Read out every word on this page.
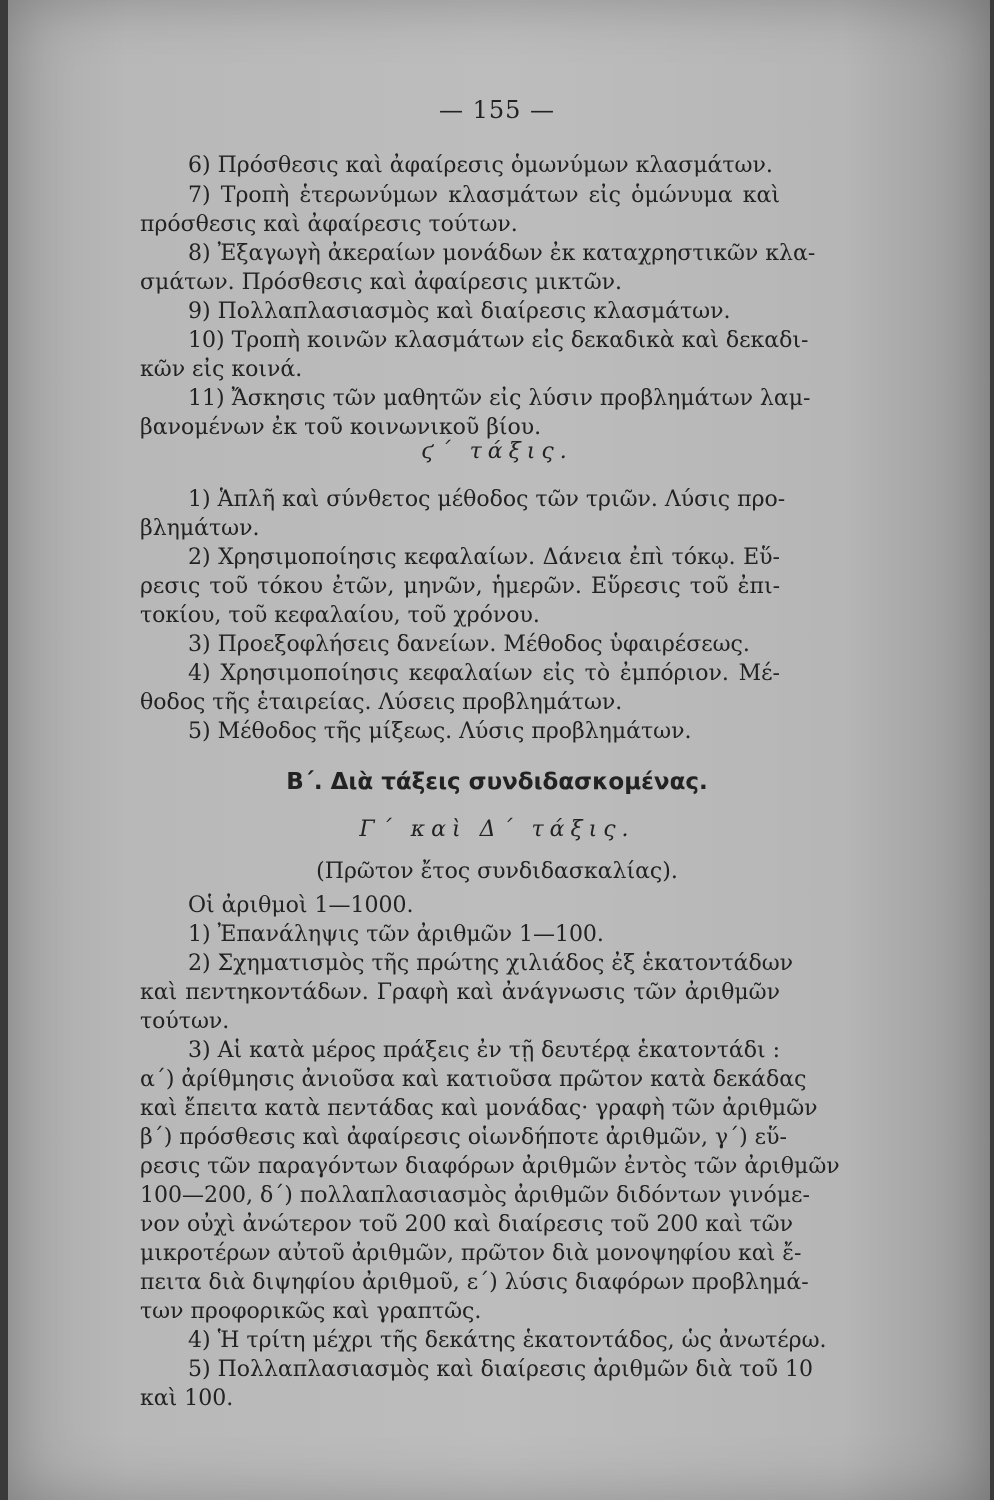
— 155 —
6) Πρόσθεσις καὶ ἀφαίρεσις ὁμωνύμων κλασμάτων.
7) Τροπὴ ἑτερωνύμων κλασμάτων εἰς ὁμώνυμα καὶ
πρόσθεσις καὶ ἀφαίρεσις τούτων.
8) Ἐξαγωγὴ ἀκεραίων μονάδων ἐκ καταχρηστικῶν κλα-
σμάτων. Πρόσθεσις καὶ ἀφαίρεσις μικτῶν.
9) Πολλαπλασιασμὸς καὶ διαίρεσις κλασμάτων.
10) Τροπὴ κοινῶν κλασμάτων εἰς δεκαδικὰ καὶ δεκαδι-
κῶν εἰς κοινά.
11) Ἄσκησις τῶν μαθητῶν εἰς λύσιν προβλημάτων λαμ-
βανομένων ἐκ τοῦ κοινωνικοῦ βίου.
ϛ΄ τάξις.
1) Ἁπλῆ καὶ σύνθετος μέθοδος τῶν τριῶν. Λύσις προ-
βλημάτων.
2) Χρησιμοποίησις κεφαλαίων. Δάνεια ἐπὶ τόκῳ. Εὕ-
ρεσις τοῦ τόκου ἐτῶν, μηνῶν, ἡμερῶν. Εὕρεσις τοῦ ἐπι-
τοκίου, τοῦ κεφαλαίου, τοῦ χρόνου.
3) Προεξοφλήσεις δανείων. Μέθοδος ὑφαιρέσεως.
4) Χρησιμοποίησις κεφαλαίων εἰς τὸ ἐμπόριον. Μέ-
θοδος τῆς ἑταιρείας. Λύσεις προβλημάτων.
5) Μέθοδος τῆς μίξεως. Λύσις προβλημάτων.
Β΄. Διὰ τάξεις συνδιδασκομένας.
Γ΄ καὶ Δ΄ τάξις.
(Πρῶτον ἔτος συνδιδασκαλίας).
Οἱ ἀριθμοὶ 1—1000.
1) Ἐπανάληψις τῶν ἀριθμῶν 1—100.
2) Σχηματισμὸς τῆς πρώτης χιλιάδος ἐξ ἑκατοντάδων
καὶ πεντηκοντάδων. Γραφὴ καὶ ἀνάγνωσις τῶν ἀριθμῶν
τούτων.
3) Αἱ κατὰ μέρος πράξεις ἐν τῇ δευτέρᾳ ἑκατοντάδι :
α΄) ἀρίθμησις ἀνιοῦσα καὶ κατιοῦσα πρῶτον κατὰ δεκάδας
καὶ ἔπειτα κατὰ πεντάδας καὶ μονάδας· γραφὴ τῶν ἀριθμῶν
β΄) πρόσθεσις καὶ ἀφαίρεσις οἱωνδήποτε ἀριθμῶν, γ΄) εὕ-
ρεσις τῶν παραγόντων διαφόρων ἀριθμῶν ἐντὸς τῶν ἀριθμῶν
100—200, δ΄) πολλαπλασιασμὸς ἀριθμῶν διδόντων γινόμε-
νον οὐχὶ ἀνώτερον τοῦ 200 καὶ διαίρεσις τοῦ 200 καὶ τῶν
μικροτέρων αὐτοῦ ἀριθμῶν, πρῶτον διὰ μονοψηφίου καὶ ἔ-
πειτα διὰ διψηφίου ἀριθμοῦ, ε΄) λύσις διαφόρων προβλημά-
των προφορικῶς καὶ γραπτῶς.
4) Ἡ τρίτη μέχρι τῆς δεκάτης ἑκατοντάδος, ὡς ἀνωτέρω.
5) Πολλαπλασιασμὸς καὶ διαίρεσις ἀριθμῶν διὰ τοῦ 10
καὶ 100.
